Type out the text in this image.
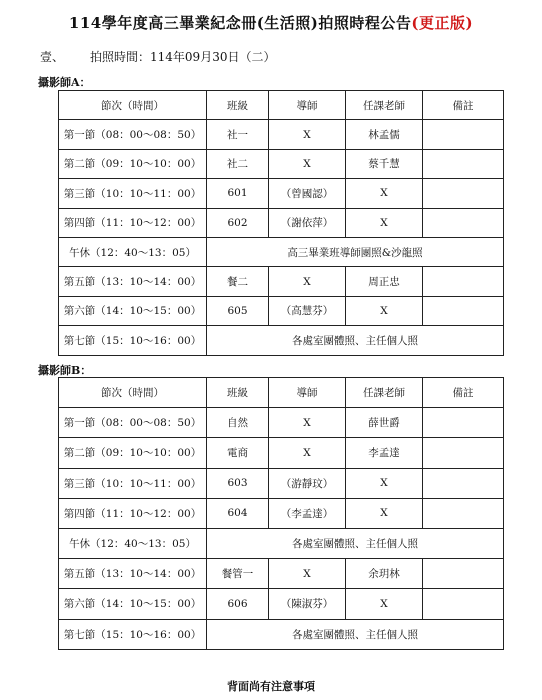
114學年度高三畢業紀念冊(生活照)拍照時程公告(更正版)
壹、 拍照時間：114年09月30日（二）
攝影師A：
節次（時間）	班級	導師	任課老師	備註
第一節（08：00～08：50）	社一	X	林孟儒	
第二節（09：10～10：00）	社二	X	蔡千慧	
第三節（10：10～11：00）	601	（曾國認）	X	
第四節（11：10～12：00）	602	（謝依萍）	X	
午休（12：40～13：05）	高三畢業班導師團照&沙龍照			
第五節（13：10～14：00）	餐二	X	周正忠	
第六節（14：10～15：00）	605	（高慧芬）	X	
第七節（15：10～16：00）	各處室團體照、主任個人照			
攝影師B：
節次（時間）	班級	導師	任課老師	備註
第一節（08：00～08：50）	自然	X	薛世爵	
第二節（09：10～10：00）	電商	X	李孟達	
第三節（10：10～11：00）	603	（游靜玟）	X	
第四節（11：10～12：00）	604	（李孟達）	X	
午休（12：40～13：05）	各處室團體照、主任個人照			
第五節（13：10～14：00）	餐管一	X	余玥林	
第六節（14：10～15：00）	606	（陳淑芬）	X	
第七節（15：10～16：00）	各處室團體照、主任個人照			
背面尚有注意事項
